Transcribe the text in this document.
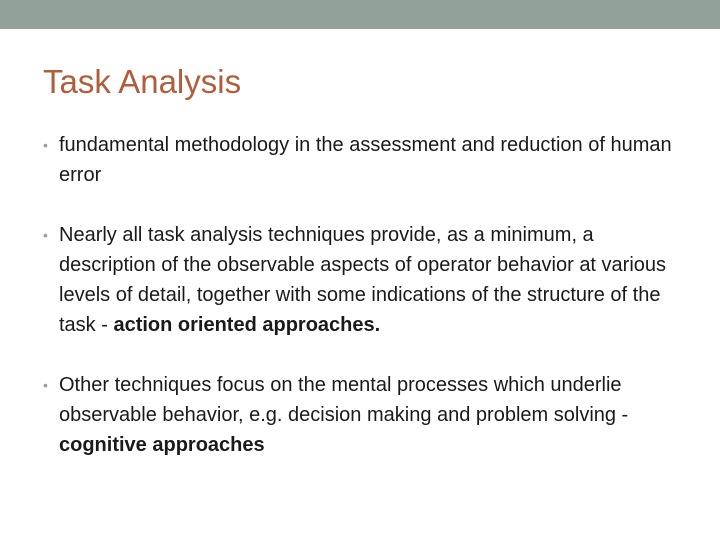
Task Analysis
• fundamental methodology in the assessment and reduction of human error
• Nearly all task analysis techniques provide, as a minimum, a description of the observable aspects of operator behavior at various levels of detail, together with some indications of the structure of the task - action oriented approaches.
• Other techniques focus on the mental processes which underlie observable behavior, e.g. decision making and problem solving - cognitive approaches
